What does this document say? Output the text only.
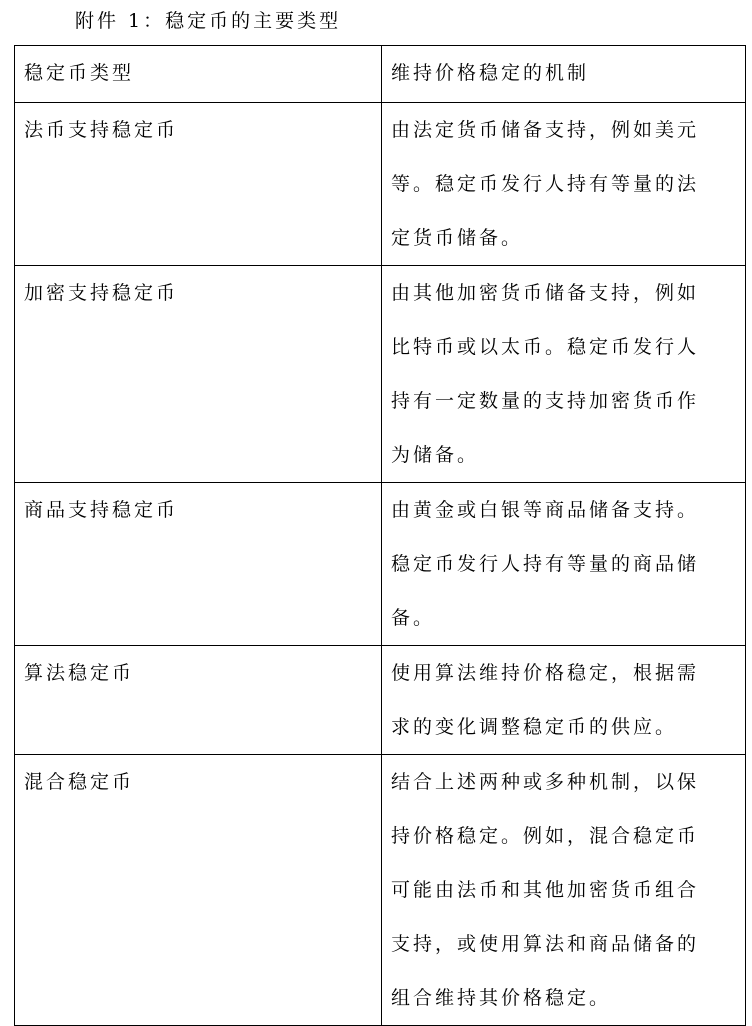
附件 1：稳定币的主要类型
稳定币类型	维持价格稳定的机制
法币支持稳定币	由法定货币储备支持，例如美元
等。稳定币发行人持有等量的法
定货币储备。

加密支持稳定币	由其他加密货币储备支持，例如
比特币或以太币。稳定币发行人
持有一定数量的支持加密货币作
为储备。

商品支持稳定币	由黄金或白银等商品储备支持。
稳定币发行人持有等量的商品储
备。

算法稳定币	使用算法维持价格稳定，根据需
求的变化调整稳定币的供应。

混合稳定币	结合上述两种或多种机制，以保
持价格稳定。例如，混合稳定币
可能由法币和其他加密货币组合
支持，或使用算法和商品储备的
组合维持其价格稳定。
